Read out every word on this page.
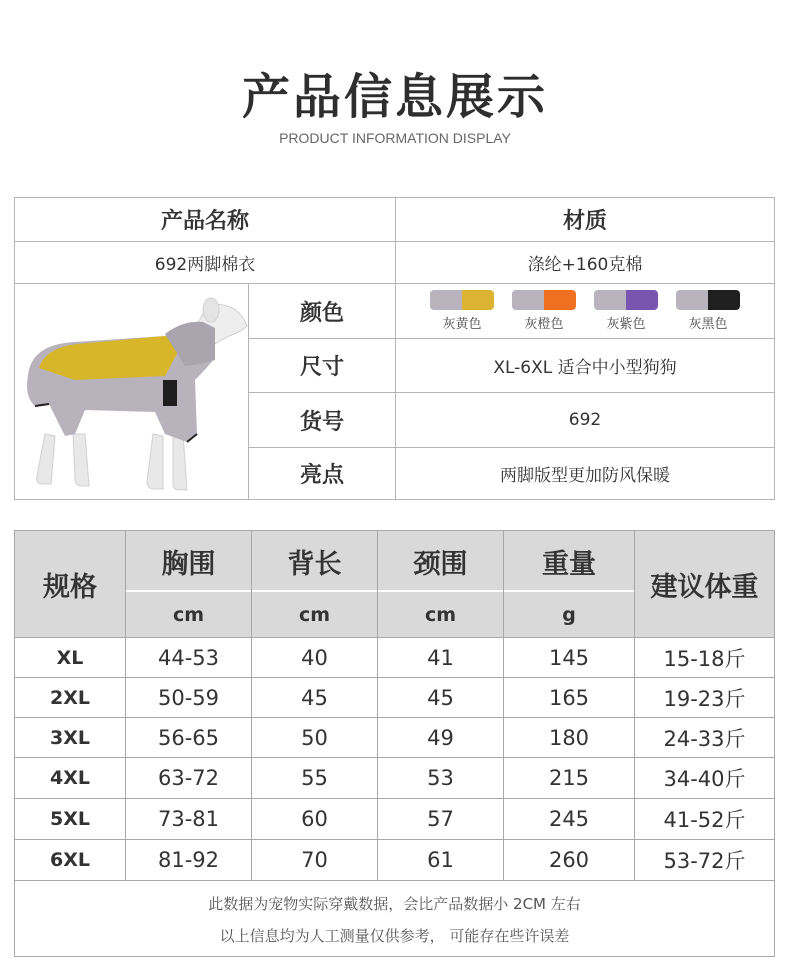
产品信息展示
PRODUCT INFORMATION DISPLAY
产品名称	材质
692两脚棉衣	涤纶+160克棉
颜色	灰黄色	灰橙色	灰紫色	灰黑色
尺寸	XL-6XL 适合中小型狗狗
货号	692
亮点	两脚版型更加防风保暖
规格
胸围	背长	颈围	重量
建议体重
cm	cm	cm	g
XL	44-53	40	41	145	15-18斤
2XL	50-59	45	45	165	19-23斤
3XL	56-65	50	49	180	24-33斤
4XL	63-72	55	53	215	34-40斤
5XL	73-81	60	57	245	41-52斤
6XL	81-92	70	61	260	53-72斤
此数据为宠物实际穿戴数据，会比产品数据小 2CM 左右
以上信息均为人工测量仅供参考， 可能存在些许误差
